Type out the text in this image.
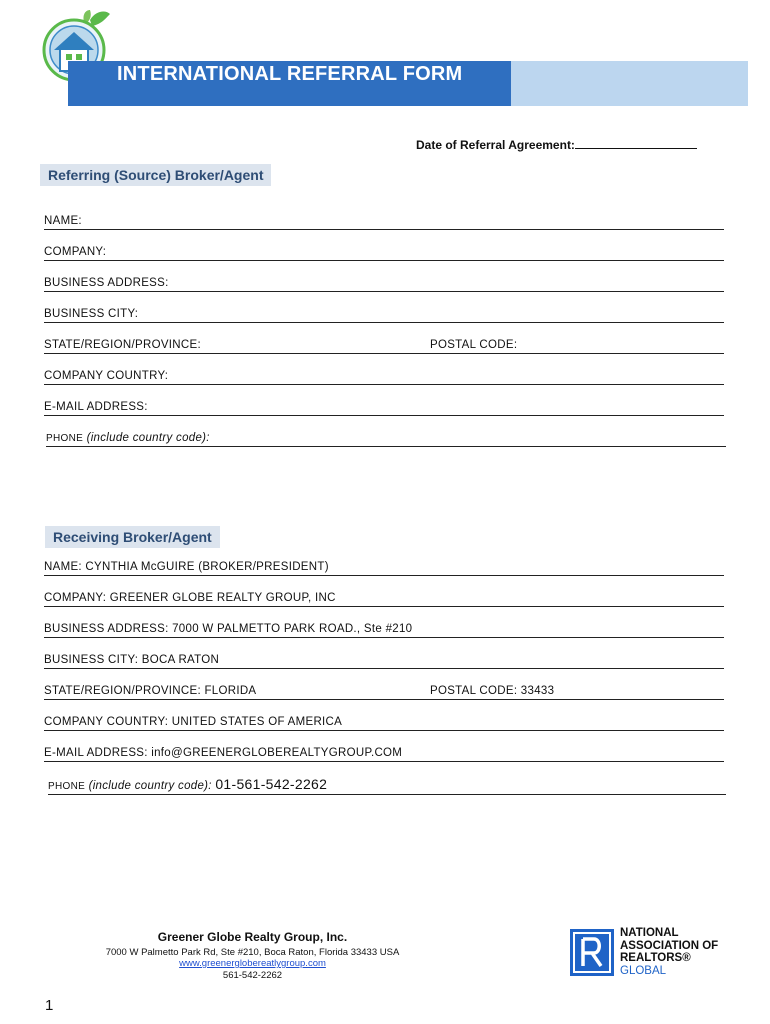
INTERNATIONAL REFERRAL FORM
Date of Referral Agreement:
Referring (Source) Broker/Agent
NAME:
COMPANY:
BUSINESS ADDRESS:
BUSINESS CITY:
STATE/REGION/PROVINCE:	POSTAL CODE:
COMPANY COUNTRY:
E-MAIL ADDRESS:
PHONE (include country code):
Receiving Broker/Agent
NAME: CYNTHIA McGUIRE (BROKER/PRESIDENT)
COMPANY: GREENER GLOBE REALTY GROUP, INC
BUSINESS ADDRESS: 7000 W PALMETTO PARK ROAD., Ste #210
BUSINESS CITY: BOCA RATON
STATE/REGION/PROVINCE: FLORIDA	POSTAL CODE: 33433
COMPANY COUNTRY: UNITED STATES OF AMERICA
E-MAIL ADDRESS: info@GREENERGLOBEREALTYGROUP.COM
PHONE (include country code): 01-561-542-2262
Greener Globe Realty Group, Inc.
7000 W Palmetto Park Rd, Ste #210, Boca Raton, Florida 33433 USA
www.greenerglobereatlygroup.com
561-542-2262
NATIONAL
ASSOCIATION OF
REALTORS®
GLOBAL
1
